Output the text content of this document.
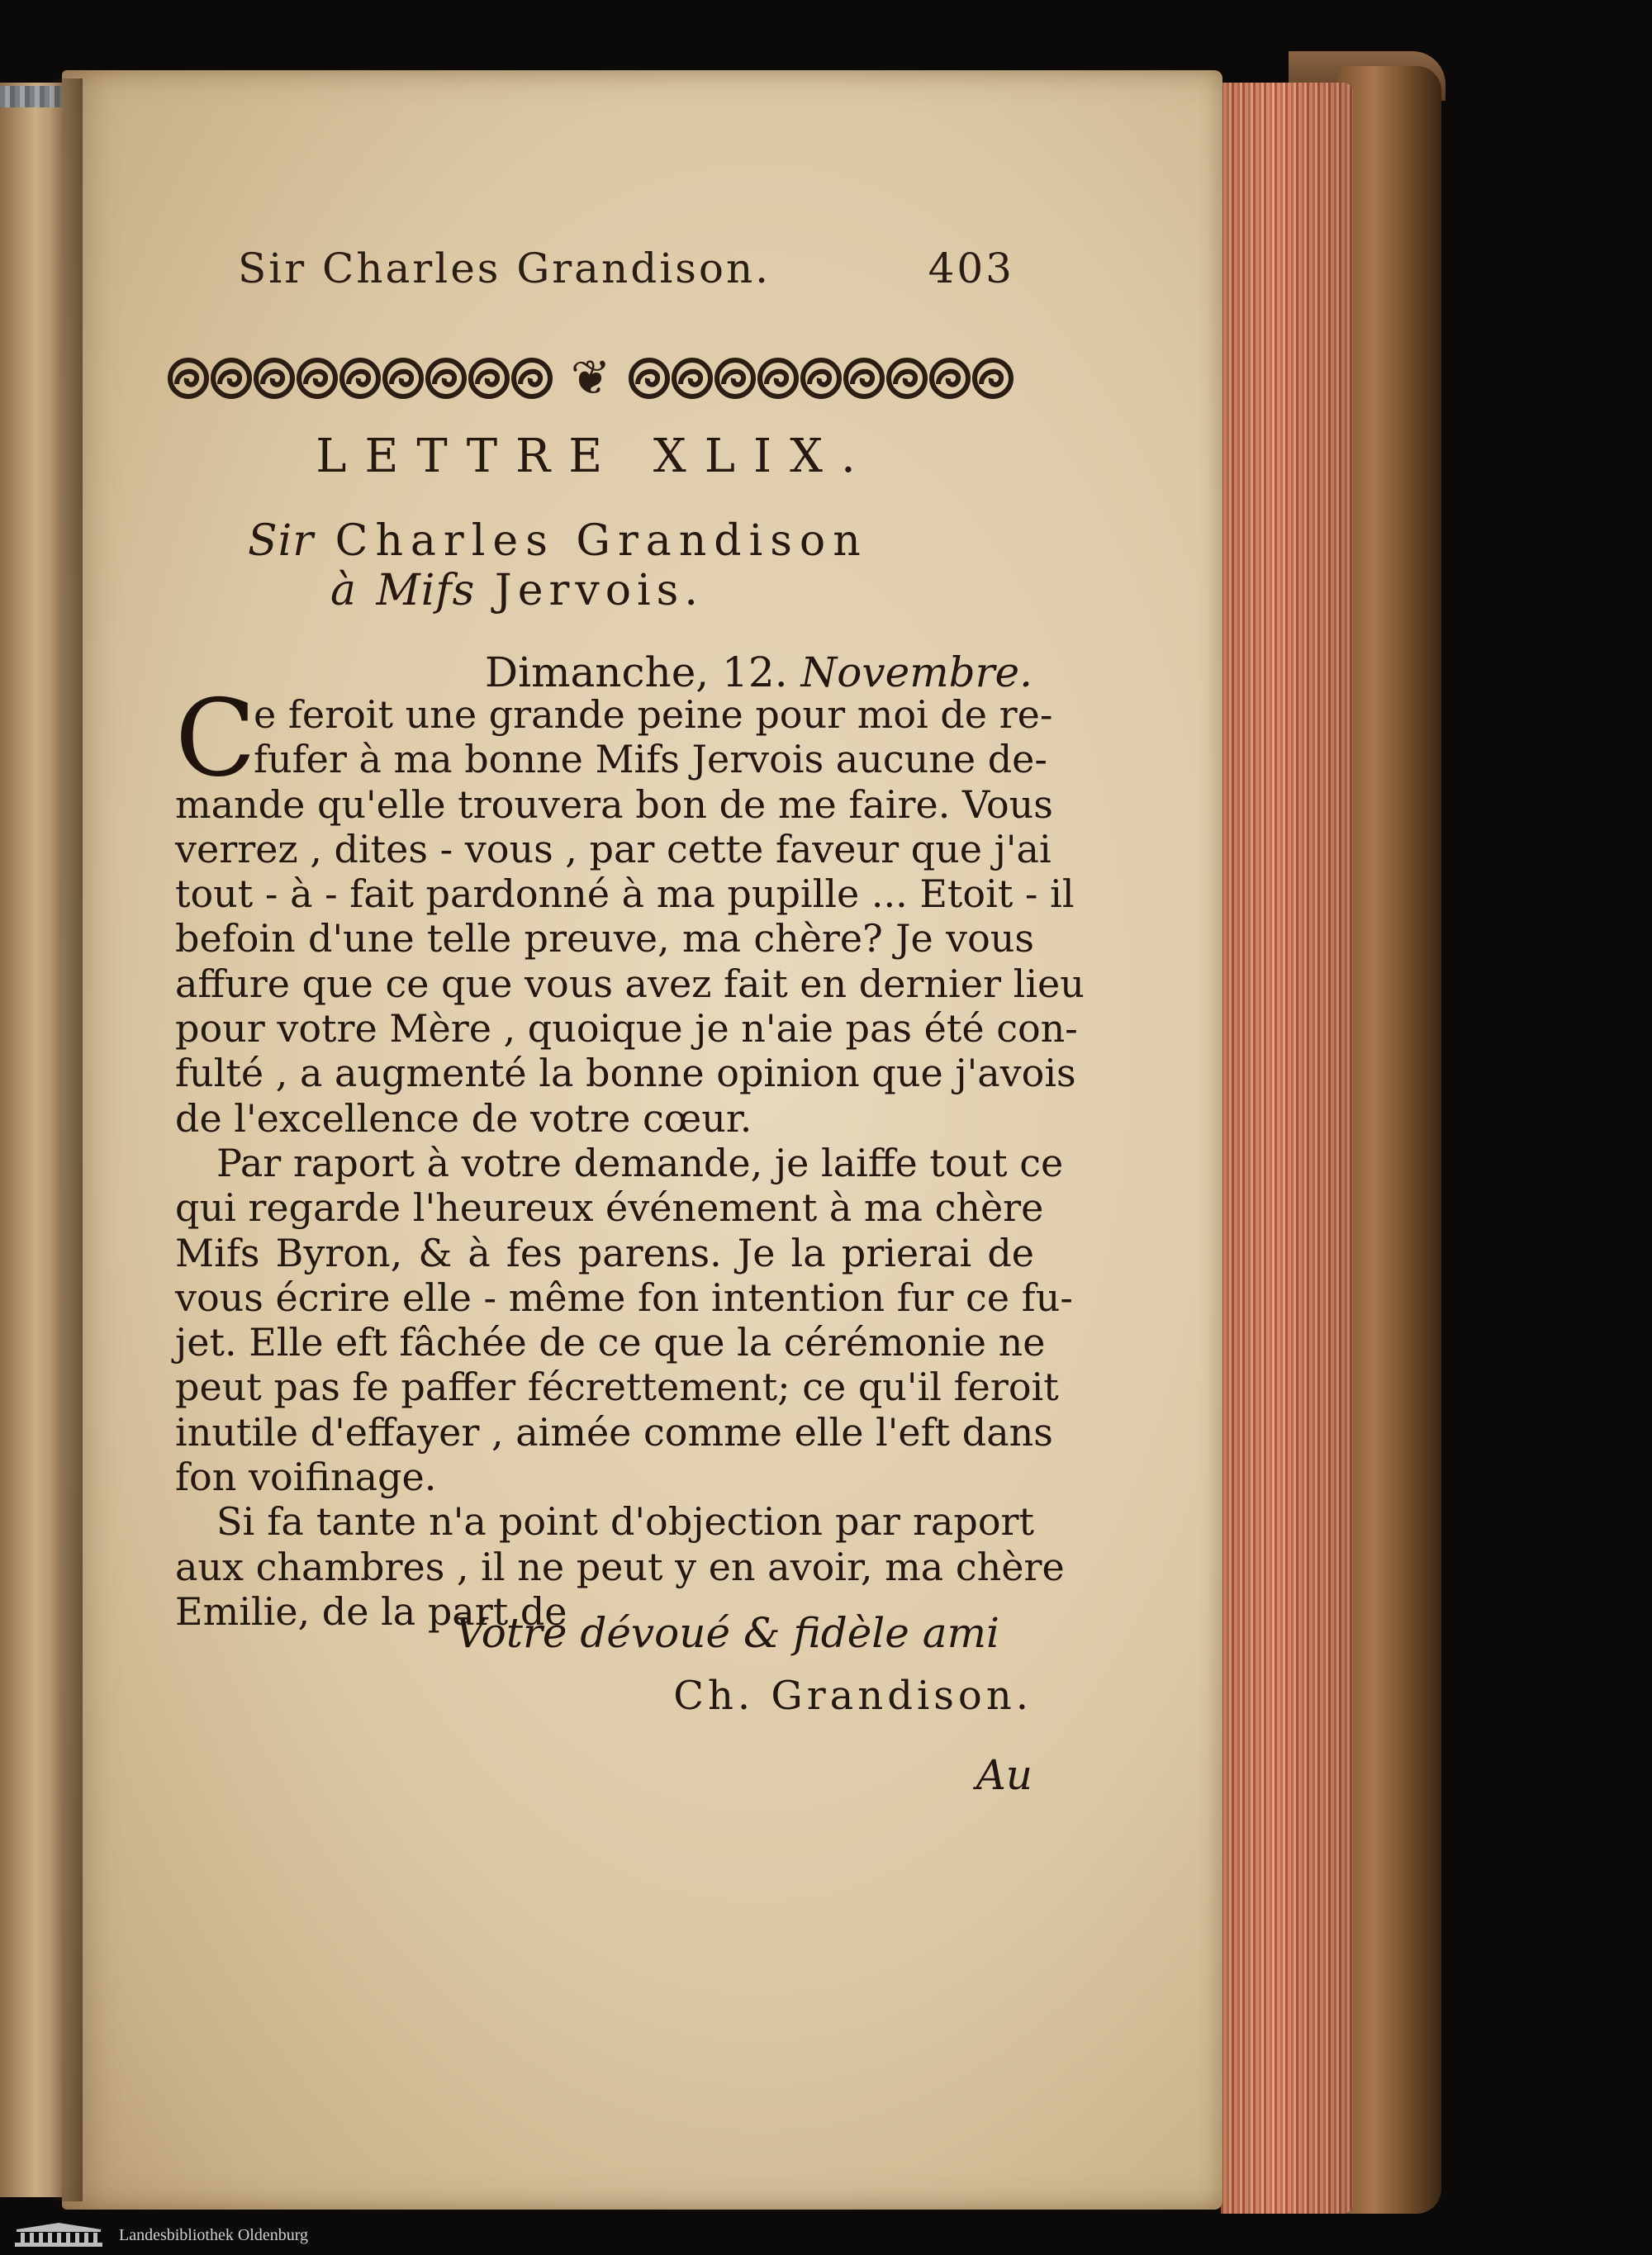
Sir Charles Grandison.	403
❦
LETTRE XLIX.
Sir Charles Grandison
à Mifs Jervois.
Dimanche, 12. Novembre.
C
e feroit une grande peine pour moi de re-
fufer à ma bonne Mifs Jervois aucune de-
mande qu'elle trouvera bon de me faire. Vous
verrez , dites - vous , par cette faveur que j'ai
tout - à - fait pardonné à ma pupille ... Etoit - il
befoin d'une telle preuve, ma chère? Je vous
affure que ce que vous avez fait en dernier lieu
pour votre Mère , quoique je n'aie pas été con-
fulté , a augmenté la bonne opinion que j'avois
de l'excellence de votre cœur.
Par raport à votre demande, je laiffe tout ce
qui regarde l'heureux événement à ma chère
Mifs Byron, & à fes parens. Je la prierai de
vous écrire elle - même fon intention fur ce fu-
jet. Elle eft fâchée de ce que la cérémonie ne
peut pas fe paffer fécrettement; ce qu'il feroit
inutile d'effayer , aimée comme elle l'eft dans
fon voifinage.
Si fa tante n'a point d'objection par raport
aux chambres , il ne peut y en avoir, ma chère
Emilie, de la part de
Votre dévoué & fidèle ami
Ch. Grandison.
Au
Landesbibliothek Oldenburg
